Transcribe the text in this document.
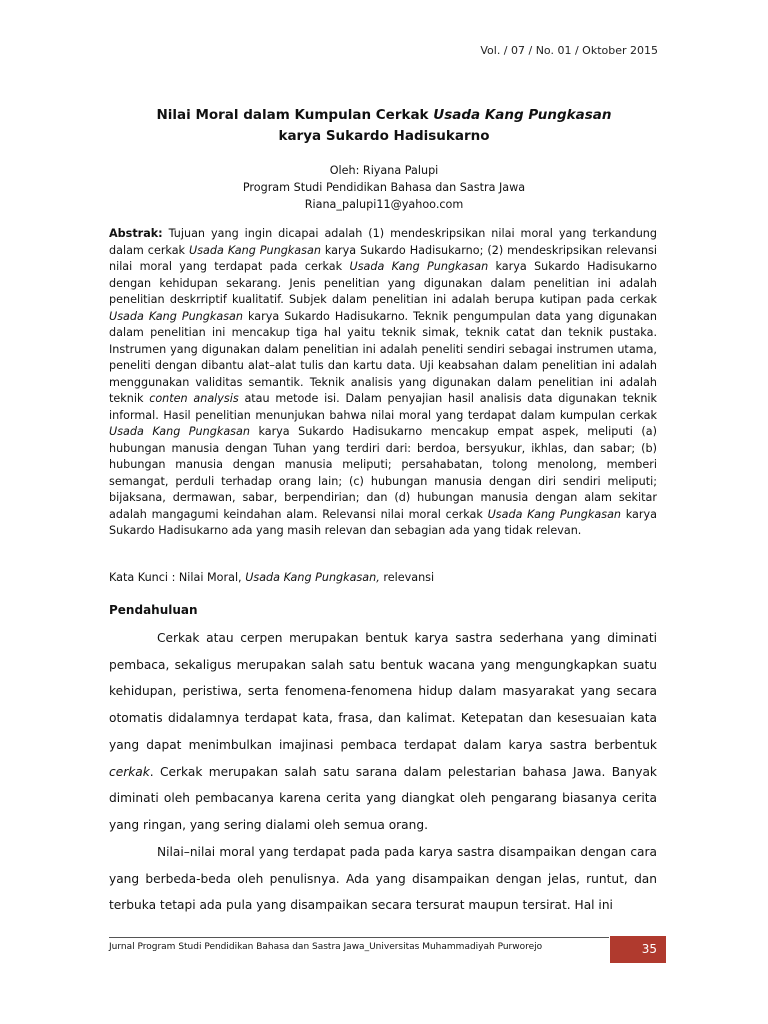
Vol. / 07 / No. 01 / Oktober 2015
Nilai Moral dalam Kumpulan Cerkak Usada Kang Pungkasan
karya Sukardo Hadisukarno
Oleh: Riyana Palupi
Program Studi Pendidikan Bahasa dan Sastra Jawa
Riana_palupi11@yahoo.com
Abstrak: Tujuan yang ingin dicapai adalah (1) mendeskripsikan nilai moral yang terkandung dalam cerkak Usada Kang Pungkasan karya Sukardo Hadisukarno; (2) mendeskripsikan relevansi nilai moral yang terdapat pada cerkak Usada Kang Pungkasan karya Sukardo Hadisukarno dengan kehidupan sekarang. Jenis penelitian yang digunakan dalam penelitian ini adalah penelitian deskrriptif kualitatif. Subjek dalam penelitian ini adalah berupa kutipan pada cerkak Usada Kang Pungkasan karya Sukardo Hadisukarno. Teknik pengumpulan data yang digunakan dalam penelitian ini mencakup tiga hal yaitu teknik simak, teknik catat dan teknik pustaka. Instrumen yang digunakan dalam penelitian ini adalah peneliti sendiri sebagai instrumen utama, peneliti dengan dibantu alat–alat tulis dan kartu data. Uji keabsahan dalam penelitian ini adalah menggunakan validitas semantik. Teknik analisis yang digunakan dalam penelitian ini adalah teknik conten analysis atau metode isi. Dalam penyajian hasil analisis data digunakan teknik informal. Hasil penelitian menunjukan bahwa nilai moral yang terdapat dalam kumpulan cerkak Usada Kang Pungkasan karya Sukardo Hadisukarno mencakup empat aspek, meliputi (a) hubungan manusia dengan Tuhan yang terdiri dari: berdoa, bersyukur, ikhlas, dan sabar; (b) hubungan manusia dengan manusia meliputi; persahabatan, tolong menolong, memberi semangat, perduli terhadap orang lain; (c) hubungan manusia dengan diri sendiri meliputi; bijaksana, dermawan, sabar, berpendirian; dan (d) hubungan manusia dengan alam sekitar adalah mangagumi keindahan alam. Relevansi nilai moral cerkak Usada Kang Pungkasan karya Sukardo Hadisukarno ada yang masih relevan dan sebagian ada yang tidak relevan.
Kata Kunci : Nilai Moral, Usada Kang Pungkasan, relevansi
Pendahuluan

Cerkak atau cerpen merupakan bentuk karya sastra sederhana yang diminati pembaca, sekaligus merupakan salah satu bentuk wacana yang mengungkapkan suatu kehidupan, peristiwa, serta fenomena-fenomena hidup dalam masyarakat yang secara otomatis didalamnya terdapat kata, frasa, dan kalimat. Ketepatan dan kesesuaian kata yang dapat menimbulkan imajinasi pembaca terdapat dalam karya sastra berbentuk cerkak. Cerkak merupakan salah satu sarana dalam pelestarian bahasa Jawa. Banyak diminati oleh pembacanya karena cerita yang diangkat oleh pengarang biasanya cerita yang ringan, yang sering dialami oleh semua orang.

Nilai–nilai moral yang terdapat pada pada karya sastra disampaikan dengan cara yang berbeda-beda oleh penulisnya. Ada yang disampaikan dengan jelas, runtut, dan terbuka tetapi ada pula yang disampaikan secara tersurat maupun tersirat. Hal ini

Jurnal Program Studi Pendidikan Bahasa dan Sastra Jawa_Universitas Muhammadiyah Purworejo	35
